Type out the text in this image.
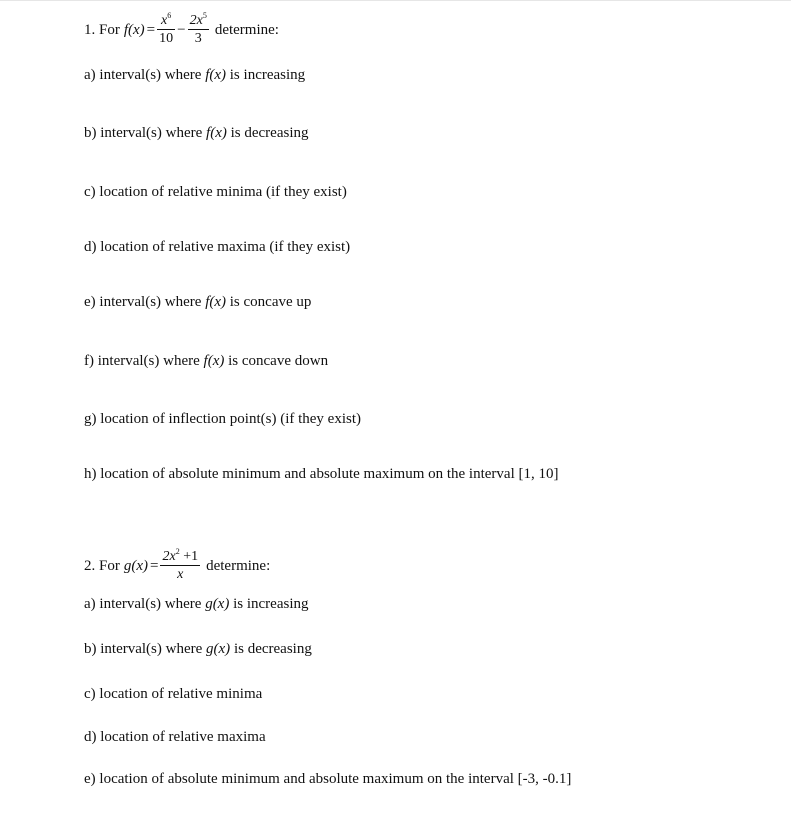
1. For $f(x) = \frac{x^6}{10} - \frac{2x^5}{3}$ determine:
a) interval(s) where f(x) is increasing
b) interval(s) where f(x) is decreasing
c) location of relative minima (if they exist)
d) location of relative maxima (if they exist)
e) interval(s) where f(x) is concave up
f) interval(s) where f(x) is concave down
g) location of inflection point(s) (if they exist)
h) location of absolute minimum and absolute maximum on the interval [1, 10]
2. For $g(x) = \frac{2x^2 +1}{x}$ determine:
a) interval(s) where g(x) is increasing
b) interval(s) where g(x) is decreasing
c) location of relative minima
d) location of relative maxima
e) location of absolute minimum and absolute maximum on the interval [-3, -0.1]
